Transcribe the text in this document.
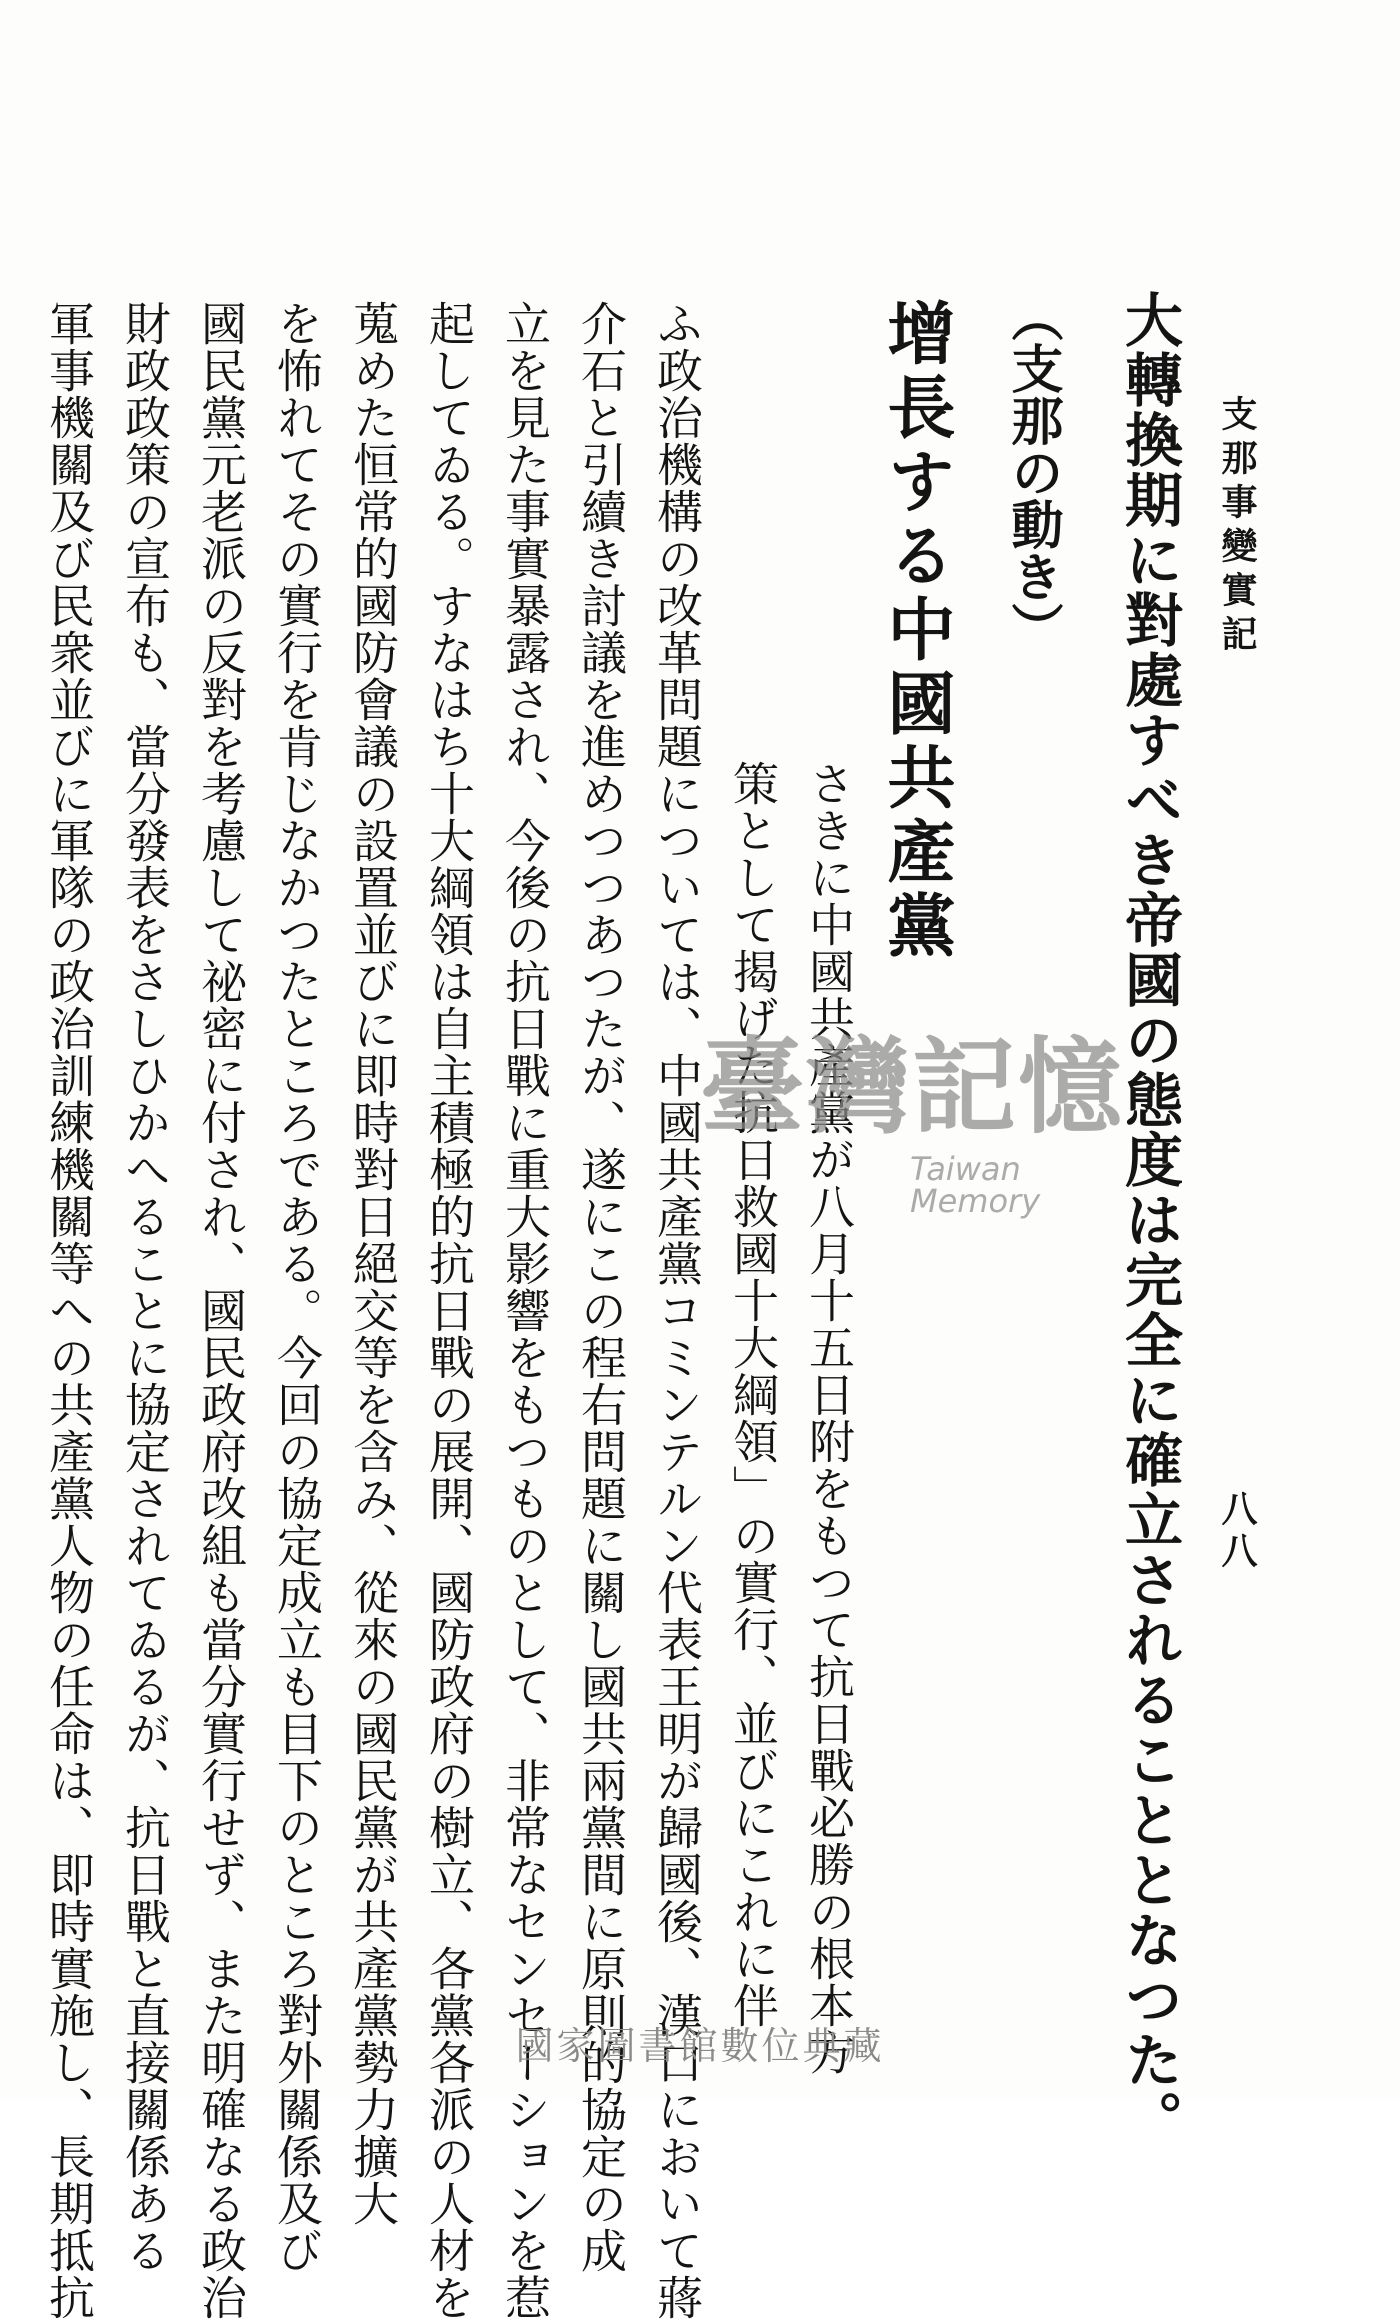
支那事變實記
八八
大轉換期に對處すべき帝國の態度は完全に確立されることとなつた。
（支那の動き）
增長する中國共產黨
さきに中國共產黨が八月十五日附をもつて抗日戰必勝の根本方
策として揭げた抗日救國十大綱領」の實行、並びにこれに伴
ふ政治機構の改革問題については、中國共產黨コミンテルン代表王明が歸國後、漢口において蔣
介石と引續き討議を進めつつあつたが、遂にこの程右問題に關し國共兩黨間に原則的協定の成
立を見た事實暴露され、今後の抗日戰に重大影響をもつものとして、非常なセンセーションを惹
起してゐる。すなはち十大綱領は自主積極的抗日戰の展開、國防政府の樹立、各黨各派の人材を
蒐めた恒常的國防會議の設置並びに即時對日絕交等を含み、從來の國民黨が共產黨勢力擴大
を怖れてその實行を肯じなかつたところである。今回の協定成立も目下のところ對外關係及び
國民黨元老派の反對を考慮して祕密に付され、國民政府改組も當分實行せず、また明確なる政治
財政政策の宣布も、當分發表をさしひかへることに協定されてゐるが、抗日戰と直接關係ある
軍事機關及び民衆並びに軍隊の政治訓練機關等への共產黨人物の任命は、即時實施し、長期抵抗	臺灣記憶
Taiwan Memory
國家圖書館數位典藏
